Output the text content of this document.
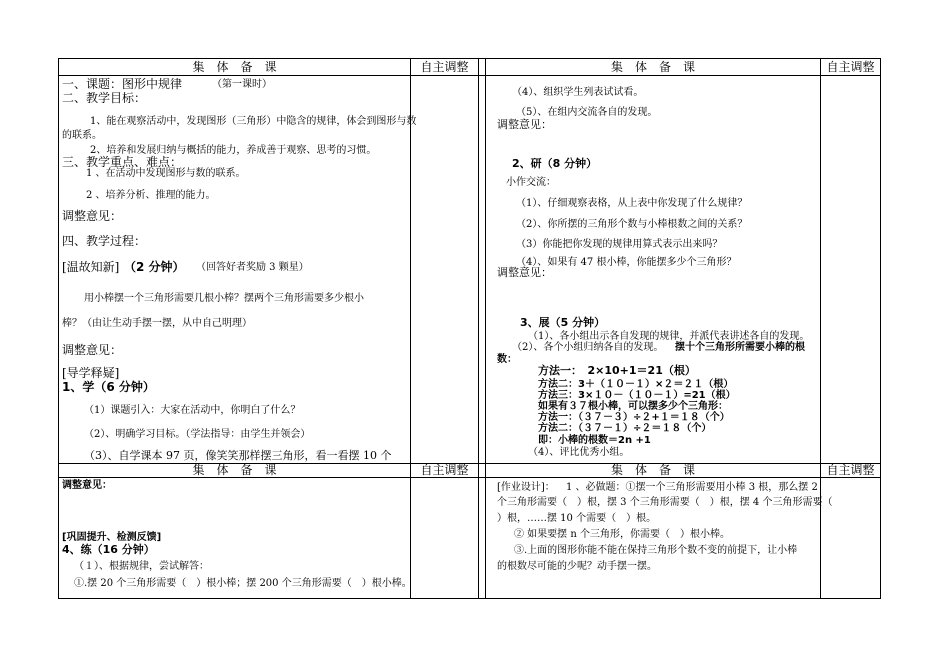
集　体　备　课	自主调整	集　体　备　课	自主调整
集　体　备　课	自主调整	集　体　备　课	自主调整
一、课题：图形中规律	（第一课时）
二、教学目标：
1、能在观察活动中，发现图形（三角形）中隐含的规律，体会到图形与数
的联系。
2、培养和发展归纳与概括的能力，养成善于观察、思考的习惯。
三、教学重点、难点：
1 、在活动中发现图形与数的联系。
2 、培养分析、推理的能力。
调整意见：
四、教学过程：
[温故知新] （2 分钟） （回答好者奖励 3 颗星）
用小棒摆一个三角形需要几根小棒？摆两个三角形需要多少根小
棒？（由让生动手摆一摆，从中自己明理）
调整意见：
[导学释疑]
1、学（6 分钟）
（1）课题引入：大家在活动中，你明白了什么？
（2）、明确学习目标。（学法指导：由学生并领会）
（3）、自学课本 97 页，像笑笑那样摆三角形，看一看摆 10 个
（4）、组织学生列表试试看。
（5）、在组内交流各自的发现。
调整意见：
2、研（8 分钟）
小作交流：
（1）、仔细观察表格，从上表中你发现了什么规律？
（2）、你所摆的三角形个数与小棒根数之间的关系？
（3）你能把你发现的规律用算式表示出来吗？
（4）、如果有 47 根小棒，你能摆多少个三角形？
调整意见：
3、展（5 分钟）
（1）、各小组出示各自发现的规律，并派代表讲述各自的发现。
（2）、各个小组归纳各自的发现。 摆十个三角形所需要小棒的根
数：
方法一：　2×10+1＝21（根）
方法二：3＋（１０－１）×２＝２１（根）
方法三：3×１０－（１０－１）=21（根）
如果有３７根小棒，可以摆多少个三角形：
方法一：（３７－３）÷２+１＝１８（个）
方法二：（３７－１）÷２＝１８（个）
即：小棒的根数＝2n +1
（4）、评比优秀小组。
调整意见：
[巩固提升、检测反馈]
4、练（16 分钟）
（１）、根据规律，尝试解答：
①.摆 20 个三角形需要（　）根小棒；摆 200 个三角形需要（　）根小棒。
[作业设计]： 1 、必做题：①摆一个三角形需要用小棒 3 根，那么摆 2
个三角形需要（　）根，摆 3 个三角形需要（　）根，摆 4 个三角形需要（
）根，……摆 10 个需要（　）根。
② 如果要摆 n 个三角形，你需要（　）根小棒。
③.上面的图形你能不能在保持三角形个数不变的前提下，让小棒
的根数尽可能的少呢？动手摆一摆。
